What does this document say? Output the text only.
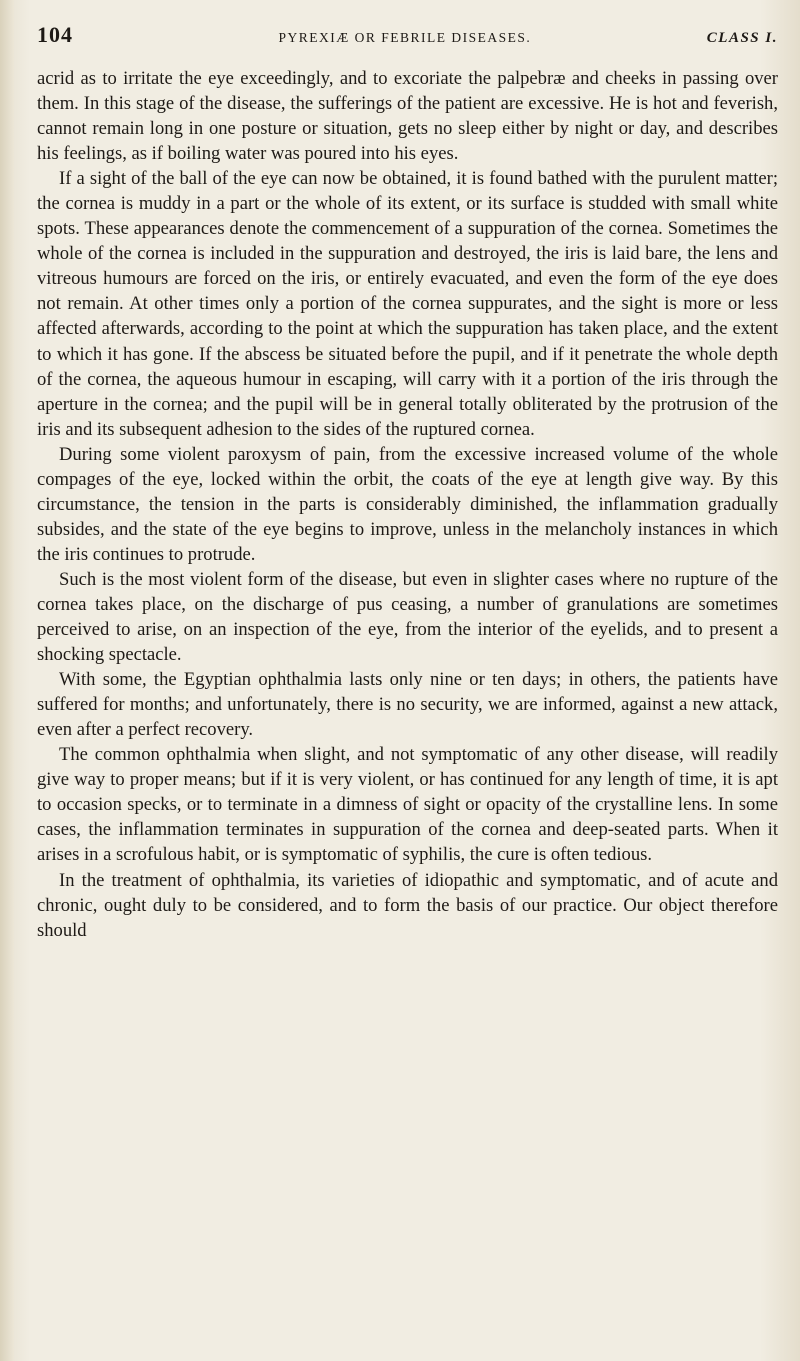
104	PYREXIÆ OR FEBRILE DISEASES.	CLASS I.

acrid as to irritate the eye exceedingly, and to excoriate the palpebræ and cheeks in passing over them. In this stage of the disease, the sufferings of the patient are excessive. He is hot and feverish, cannot remain long in one posture or situation, gets no sleep either by night or day, and describes his feelings, as if boiling water was poured into his eyes.

If a sight of the ball of the eye can now be obtained, it is found bathed with the purulent matter; the cornea is muddy in a part or the whole of its extent, or its surface is studded with small white spots. These appearances denote the commencement of a suppuration of the cornea. Sometimes the whole of the cornea is included in the suppuration and destroyed, the iris is laid bare, the lens and vitreous humours are forced on the iris, or entirely evacuated, and even the form of the eye does not remain. At other times only a portion of the cornea suppurates, and the sight is more or less affected afterwards, according to the point at which the suppuration has taken place, and the extent to which it has gone. If the abscess be situated before the pupil, and if it penetrate the whole depth of the cornea, the aqueous humour in escaping, will carry with it a portion of the iris through the aperture in the cornea; and the pupil will be in general totally obliterated by the protrusion of the iris and its subsequent adhesion to the sides of the ruptured cornea.

During some violent paroxysm of pain, from the excessive increased volume of the whole compages of the eye, locked within the orbit, the coats of the eye at length give way. By this circumstance, the tension in the parts is considerably diminished, the inflammation gradually subsides, and the state of the eye begins to improve, unless in the melancholy instances in which the iris continues to protrude.

Such is the most violent form of the disease, but even in slighter cases where no rupture of the cornea takes place, on the discharge of pus ceasing, a number of granulations are sometimes perceived to arise, on an inspection of the eye, from the interior of the eyelids, and to present a shocking spectacle.

With some, the Egyptian ophthalmia lasts only nine or ten days; in others, the patients have suffered for months; and unfortunately, there is no security, we are informed, against a new attack, even after a perfect recovery.

The common ophthalmia when slight, and not symptomatic of any other disease, will readily give way to proper means; but if it is very violent, or has continued for any length of time, it is apt to occasion specks, or to terminate in a dimness of sight or opacity of the crystalline lens. In some cases, the inflammation terminates in suppuration of the cornea and deep-seated parts. When it arises in a scrofulous habit, or is symptomatic of syphilis, the cure is often tedious.

In the treatment of ophthalmia, its varieties of idiopathic and symptomatic, and of acute and chronic, ought duly to be considered, and to form the basis of our practice. Our object therefore should
